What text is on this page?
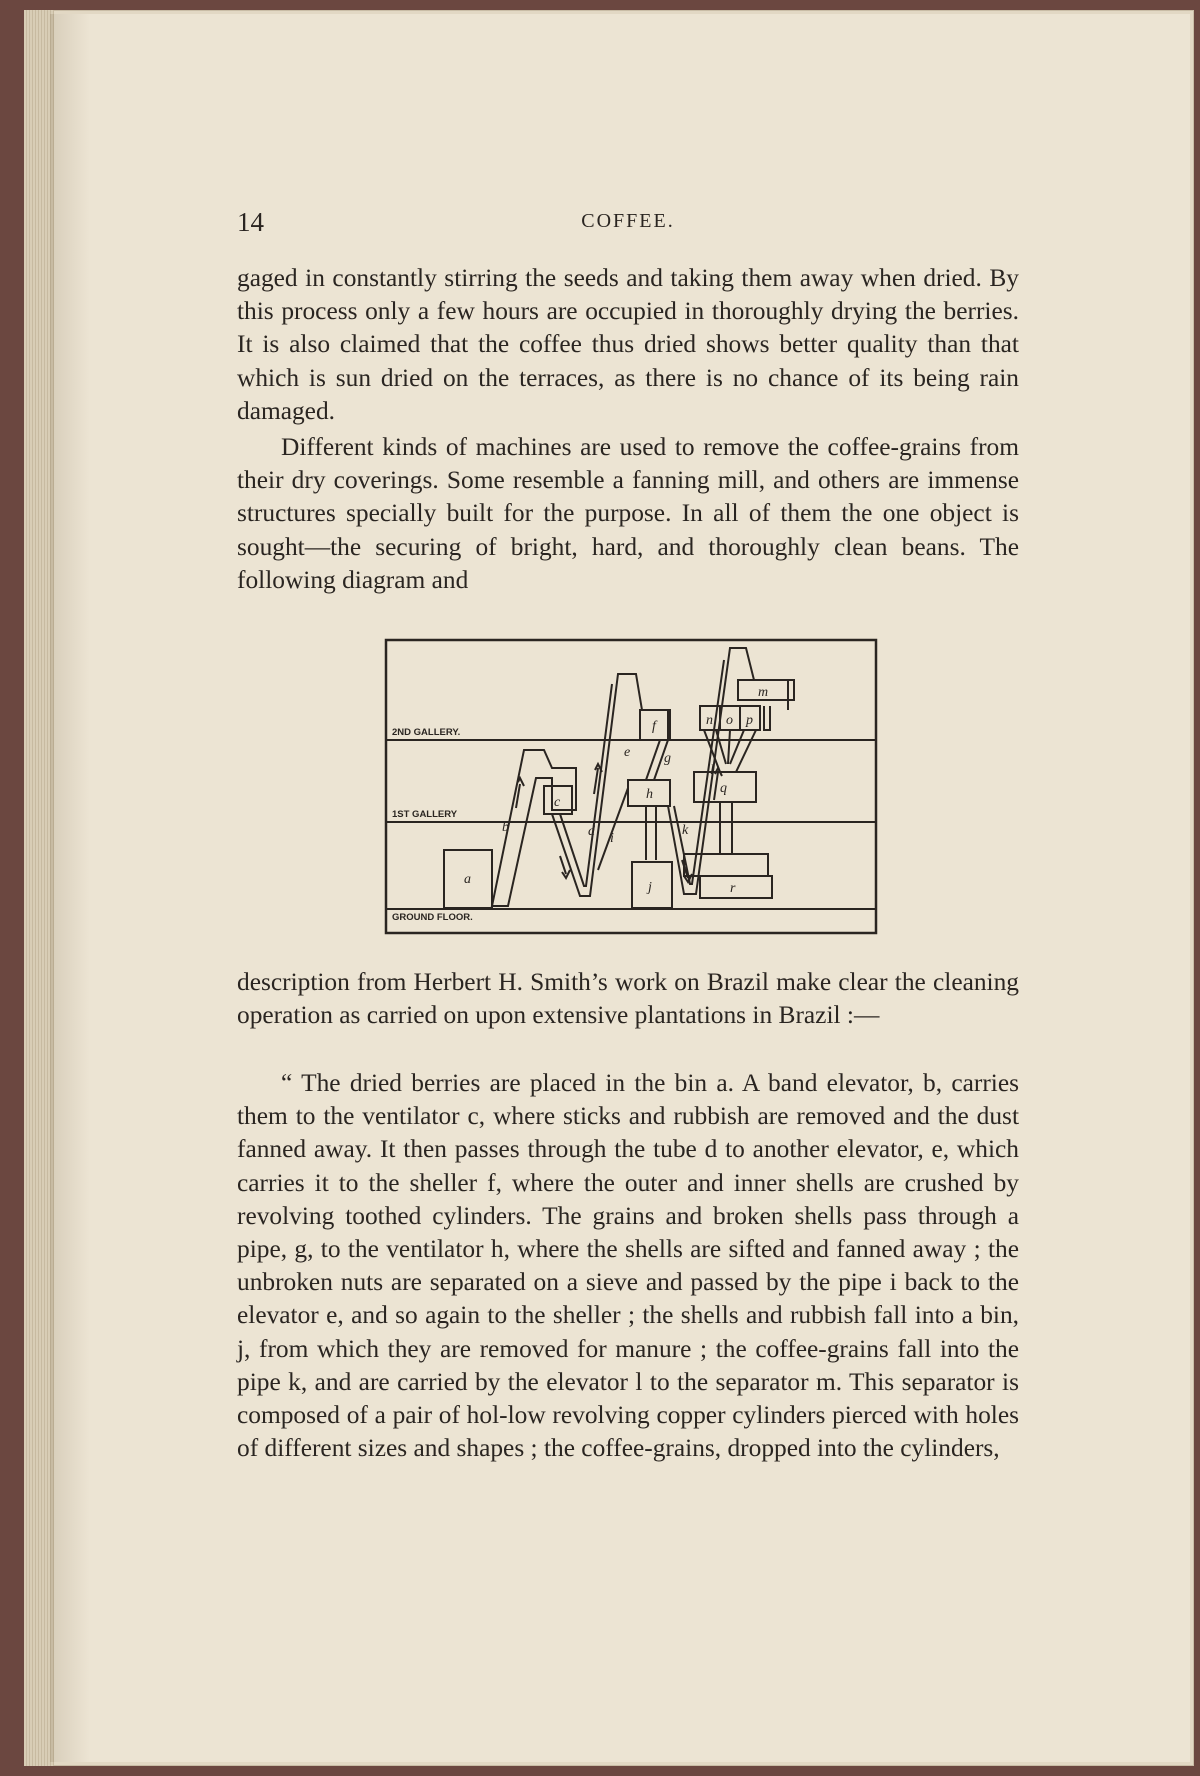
14	COFFEE.

gaged in constantly stirring the seeds and taking them away when dried. By this process only a few hours are occupied in thoroughly drying the berries. It is also claimed that the coffee thus dried shows better quality than that which is sun dried on the terraces, as there is no chance of its being rain damaged.

Different kinds of machines are used to remove the coffee-grains from their dry coverings. Some resemble a fanning mill, and others are immense structures specially built for the purpose. In all of them the one object is sought—the securing of bright, hard, and thoroughly clean beans. The following diagram and

2ND GALLERY.
1ST GALLERY
GROUND FLOOR.
a
b
c
d
e
f
g
h
i
j
k
l
m
n o p
q
r

description from Herbert H. Smith’s work on Brazil make clear the cleaning operation as carried on upon extensive plantations in Brazil :—

“ The dried berries are placed in the bin a. A band elevator, b, carries them to the ventilator c, where sticks and rubbish are removed and the dust fanned away. It then passes through the tube d to another elevator, e, which carries it to the sheller f, where the outer and inner shells are crushed by revolving toothed cylinders. The grains and broken shells pass through a pipe, g, to the ventilator h, where the shells are sifted and fanned away ; the unbroken nuts are separated on a sieve and passed by the pipe i back to the elevator e, and so again to the sheller ; the shells and rubbish fall into a bin, j, from which they are removed for manure ; the coffee-grains fall into the pipe k, and are carried by the elevator l to the separator m. This separator is composed of a pair of hol-low revolving copper cylinders pierced with holes of different sizes and shapes ; the coffee-grains, dropped into the cylinders,
